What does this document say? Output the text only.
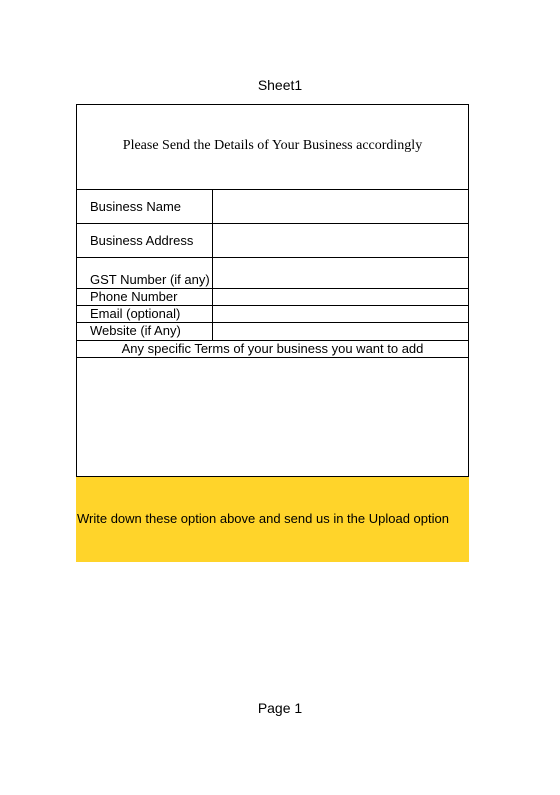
Sheet1
Please Send the Details of Your Business accordingly
Business Name
Business Address
GST Number (if any)
Phone Number
Email (optional)
Website (if Any)
Any specific Terms of your business you want to add
Write down these option above and send us in the Upload option
Page 1
